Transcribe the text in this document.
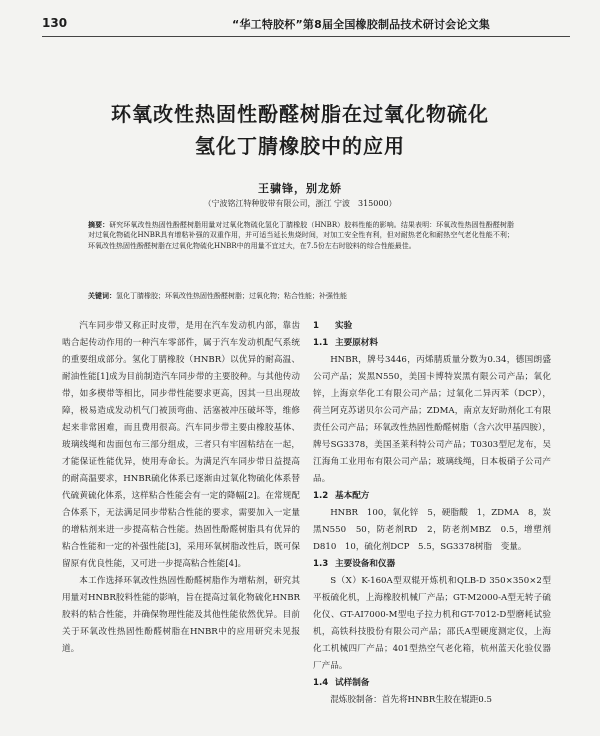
130	“华工特胶杯”第8届全国橡胶制品技术研讨会论文集
环氧改性热固性酚醛树脂在过氧化物硫化
氢化丁腈橡胶中的应用
王骕锋，别龙娇
（宁波铭江特种胶带有限公司，浙江 宁波　315000）
摘要：研究环氧改性热固性酚醛树脂用量对过氧化物硫化氢化丁腈橡胶（HNBR）胶料性能的影响。结果表明：环氧改性热固性酚醛树脂对过氧化物硫化HNBR具有增粘补强的双重作用，并可适当延长焦烧时间，对加工安全性有利，但对耐热老化和耐热空气老化性能不利；环氧改性热固性酚醛树脂在过氧化物硫化HNBR中的用量不宜过大，在7.5份左右时胶料的综合性能最佳。
关键词：氢化丁腈橡胶；环氧改性热固性酚醛树脂；过氧化物；粘合性能；补强性能

汽车同步带又称正时皮带，是用在汽车发动机内部，靠齿啮合起传动作用的一种汽车零部件，属于汽车发动机配气系统的重要组成部分。氢化丁腈橡胶（HNBR）以优异的耐高温、耐油性能[1]成为目前制造汽车同步带的主要胶种。与其他传动带，如多楔带等相比，同步带性能要求更高，因其一旦出现故障，极易造成发动机气门被顶弯曲、活塞被冲压破坏等，维修起来非常困难，而且费用很高。汽车同步带主要由橡胶基体、玻璃线绳和齿面包布三部分组成，三者只有牢固粘结在一起，才能保证性能优异，使用寿命长。为满足汽车同步带日益提高的耐高温要求，HNBR硫化体系已逐渐由过氧化物硫化体系替代硫黄硫化体系，这样粘合性能会有一定的降幅[2]。在常规配合体系下，无法满足同步带粘合性能的要求，需要加入一定量的增粘剂来进一步提高粘合性能。热固性酚醛树脂具有优异的粘合性能和一定的补强性能[3]，采用环氧树脂改性后，既可保留原有优良性能，又可进一步提高粘合性能[4]。

本工作选择环氧改性热固性酚醛树脂作为增粘剂，研究其用量对HNBR胶料性能的影响，旨在提高过氧化物硫化HNBR胶料的粘合性能，并确保物理性能及其他性能依然优异。目前关于环氧改性热固性酚醛树脂在HNBR中的应用研究未见报道。

1 实验
1.1 主要原材料

HNBR，牌号3446，丙烯腈质量分数为0.34，德国朗盛公司产品；炭黑N550，美国卡博特炭黑有限公司产品；氧化锌，上海京华化工有限公司产品；过氧化二异丙苯（DCP），荷兰阿克苏诺贝尔公司产品；ZDMA，南京友好助剂化工有限责任公司产品；环氧改性热固性酚醛树脂（含六次甲基四胺），牌号SG3378，美国圣莱科特公司产品；T0303型尼龙布，吴江海角工业用布有限公司产品；玻璃线绳，日本板硝子公司产品。

1.2 基本配方

HNBR　100，氧化锌　5，硬脂酸　1，ZDMA　8，炭黑N550　50，防老剂RD　2，防老剂MBZ　0.5，增塑剂D810　10，硫化剂DCP　5.5，SG3378树脂　变量。

1.3 主要设备和仪器

S（X）K-160A型双辊开炼机和QLB-D 350×350×2型平板硫化机，上海橡胶机械厂产品；GT-M2000-A型无转子硫化仪、GT-AI7000-M型电子拉力机和GT-7012-D型磨耗试验机，高铁科技股份有限公司产品；邵氏A型硬度测定仪，上海化工机械四厂产品；401型热空气老化箱，杭州蓝天化验仪器厂产品。

1.4 试样制备

混炼胶制备：首先将HNBR生胶在辊距0.5
